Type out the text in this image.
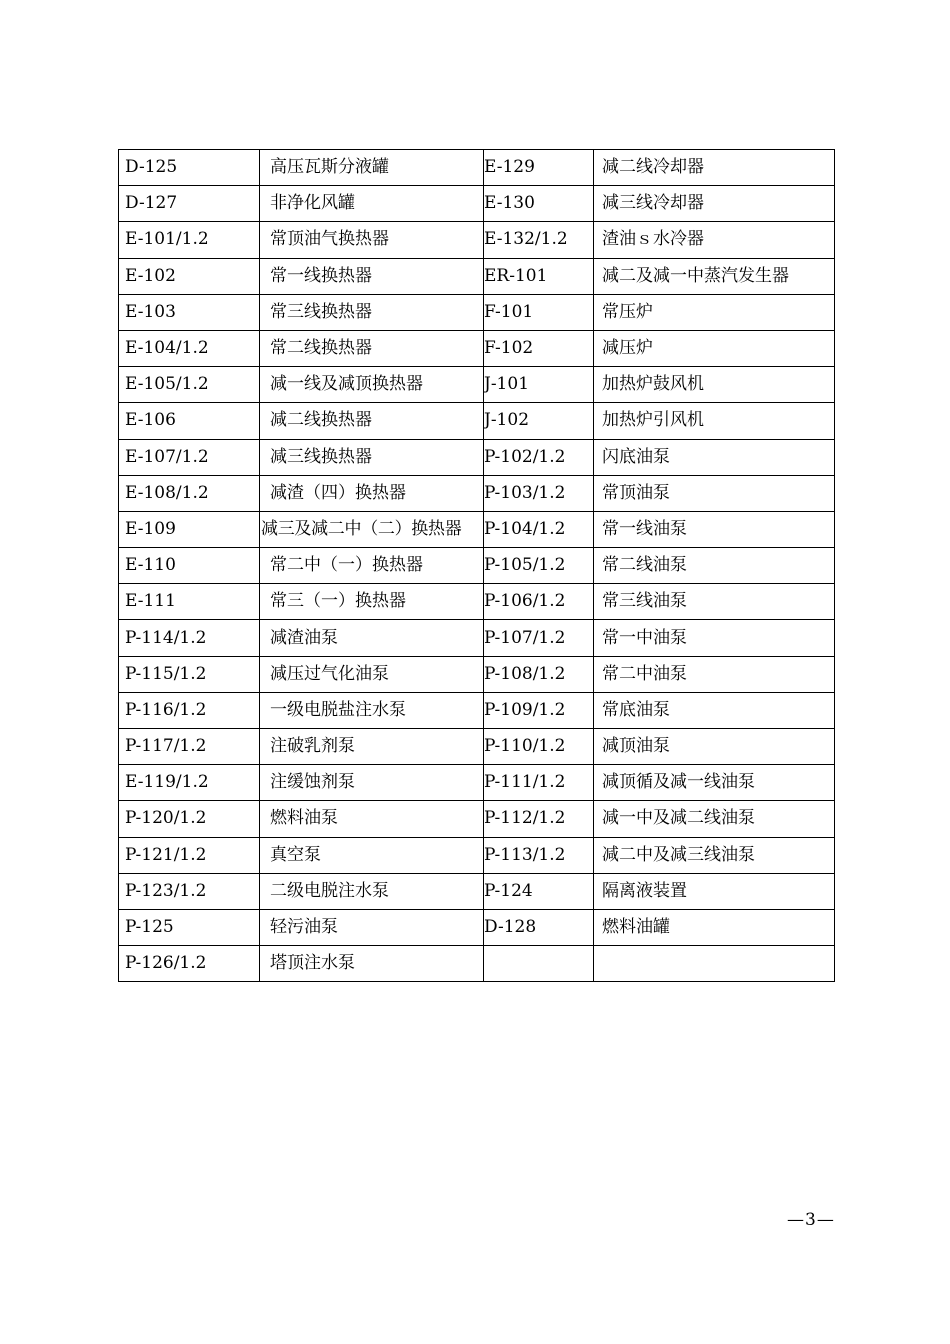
D-125	高压瓦斯分液罐	E-129	减二线冷却器
D-127	非净化风罐	E-130	减三线冷却器
E-101/1.2	常顶油气换热器	E-132/1.2	渣油ｓ水冷器
E-102	常一线换热器	ER-101	减二及减一中蒸汽发生器
E-103	常三线换热器	F-101	常压炉
E-104/1.2	常二线换热器	F-102	减压炉
E-105/1.2	减一线及减顶换热器	J-101	加热炉鼓风机
E-106	减二线换热器	J-102	加热炉引风机
E-107/1.2	减三线换热器	P-102/1.2	闪底油泵
E-108/1.2	减渣（四）换热器	P-103/1.2	常顶油泵
E-109	减三及减二中（二）换热器	P-104/1.2	常一线油泵
E-110	常二中（一）换热器	P-105/1.2	常二线油泵
E-111	常三（一）换热器	P-106/1.2	常三线油泵
P-114/1.2	减渣油泵	P-107/1.2	常一中油泵
P-115/1.2	减压过气化油泵	P-108/1.2	常二中油泵
P-116/1.2	一级电脱盐注水泵	P-109/1.2	常底油泵
P-117/1.2	注破乳剂泵	P-110/1.2	减顶油泵
E-119/1.2	注缓蚀剂泵	P-111/1.2	减顶循及减一线油泵
P-120/1.2	燃料油泵	P-112/1.2	减一中及减二线油泵
P-121/1.2	真空泵	P-113/1.2	减二中及减三线油泵
P-123/1.2	二级电脱注水泵	P-124	隔离液装置
P-125	轻污油泵	D-128	燃料油罐
P-126/1.2	塔顶注水泵		
—3—
